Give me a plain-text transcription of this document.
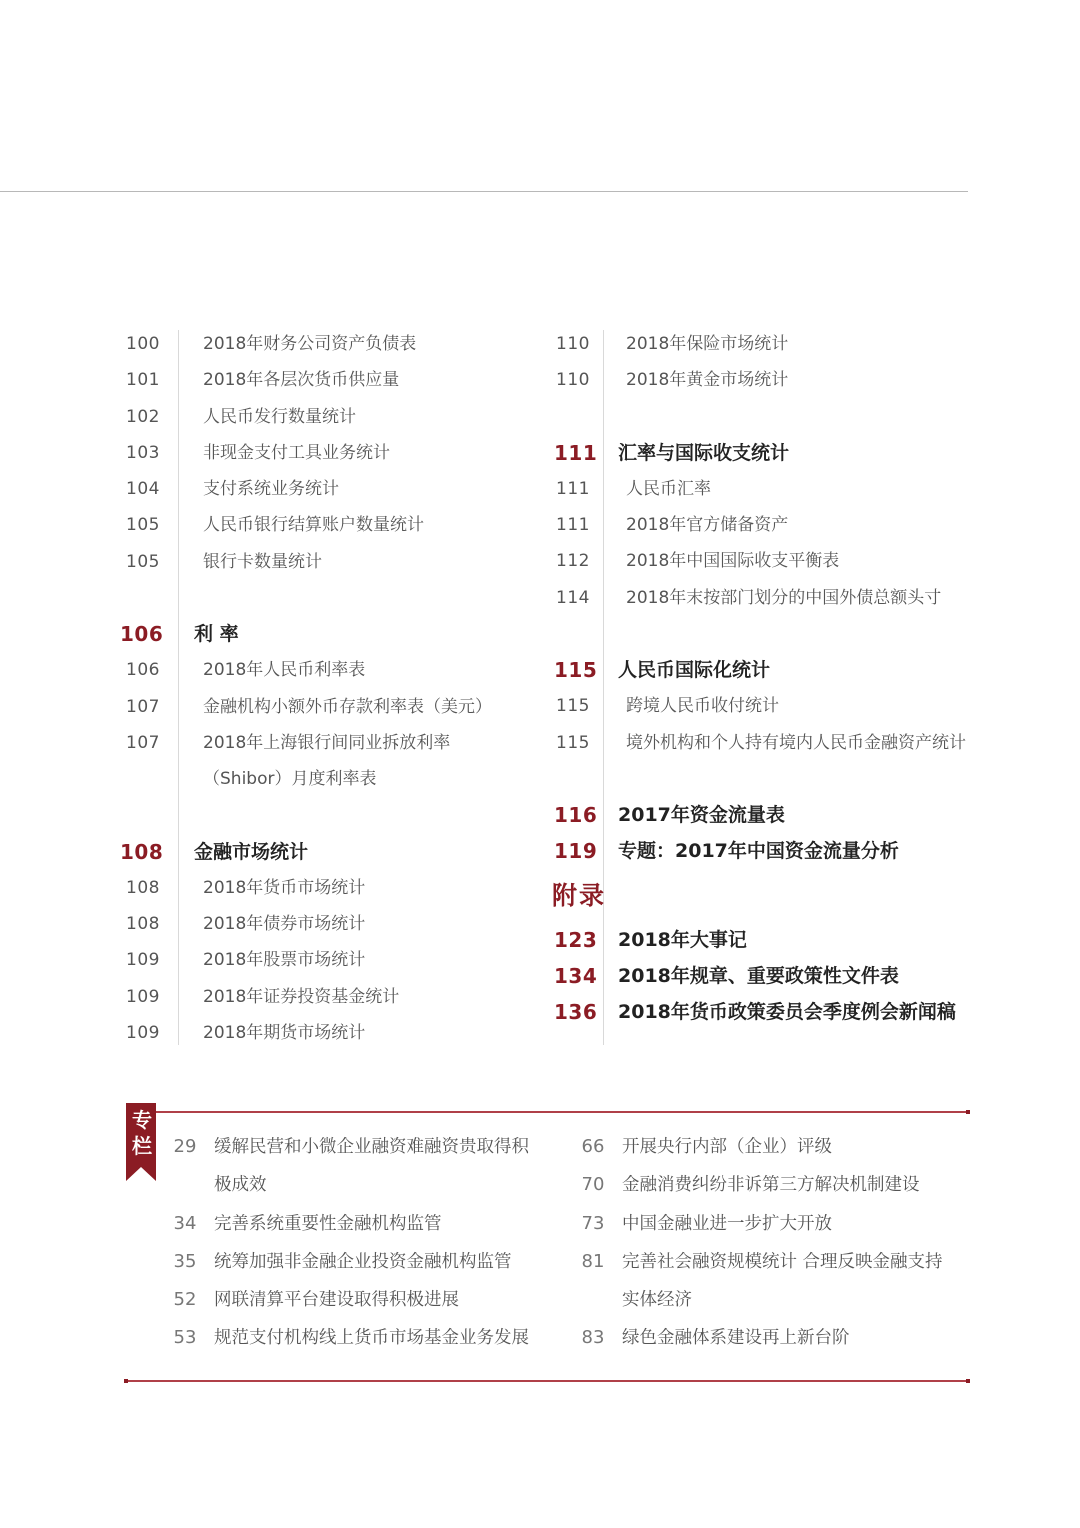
100	2018年财务公司资产负债表
101	2018年各层次货币供应量
102	人民币发行数量统计
103	非现金支付工具业务统计
104	支付系统业务统计
105	人民币银行结算账户数量统计
105	银行卡数量统计
106	利 率
106	2018年人民币利率表
107	金融机构小额外币存款利率表（美元）
107	2018年上海银行间同业拆放利率
（Shibor）月度利率表
108	金融市场统计
108	2018年货币市场统计
108	2018年债券市场统计
109	2018年股票市场统计
109	2018年证券投资基金统计
109	2018年期货市场统计
110	2018年保险市场统计
110	2018年黄金市场统计
111	汇率与国际收支统计
111	人民币汇率
111	2018年官方储备资产
112	2018年中国国际收支平衡表
114	2018年末按部门划分的中国外债总额头寸
115	人民币国际化统计
115	跨境人民币收付统计
115	境外机构和个人持有境内人民币金融资产统计
116	2017年资金流量表
119	专题：2017年中国资金流量分析
附录
123	2018年大事记
134	2018年规章、重要政策性文件表
136	2018年货币政策委员会季度例会新闻稿
专栏	29	缓解民营和小微企业融资难融资贵取得积
极成效
34	完善系统重要性金融机构监管
35	统筹加强非金融企业投资金融机构监管
52	网联清算平台建设取得积极进展
53	规范支付机构线上货币市场基金业务发展
66	开展央行内部（企业）评级
70	金融消费纠纷非诉第三方解决机制建设
73	中国金融业进一步扩大开放
81	完善社会融资规模统计 合理反映金融支持
实体经济
83	绿色金融体系建设再上新台阶
